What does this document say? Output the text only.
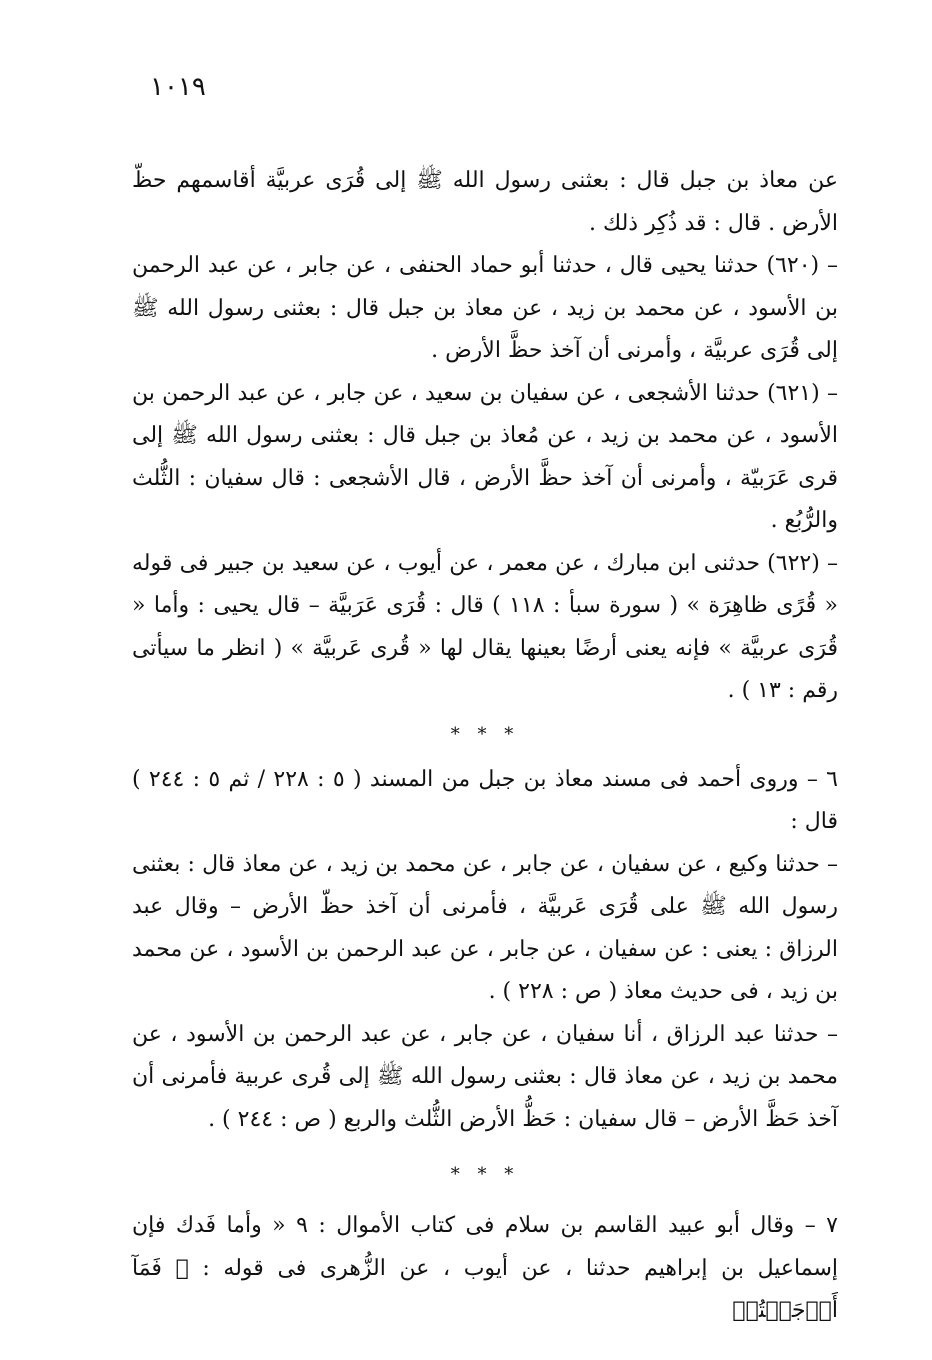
١٠١٩

عن معاذ بن جبل قال : بعثنى رسول الله ﷺ إلى قُرَى عربيَّة أقاسمهم حظّ الأرض . قال : قد ذُكِر ذلك .

– (٦٢٠) حدثنا يحيى قال ، حدثنا أبو حماد الحنفى ، عن جابر ، عن عبد الرحمن بن الأسود ، عن محمد بن زيد ، عن معاذ بن جبل قال : بعثنى رسول الله ﷺ إلى قُرَى عربيَّة ، وأمرنى أن آخذ حظَّ الأرض .

– (٦٢١) حدثنا الأشجعى ، عن سفيان بن سعيد ، عن جابر ، عن عبد الرحمن بن الأسود ، عن محمد بن زيد ، عن مُعاذ بن جبل قال : بعثنى رسول الله ﷺ إلى قرى عَرَبيّة ، وأمرنى أن آخذ حظَّ الأرض ، قال الأشجعى : قال سفيان : الثُّلث والرُّبُع .

– (٦٢٢) حدثنى ابن مبارك ، عن معمر ، عن أيوب ، عن سعيد بن جبير فى قوله « قُرًى ظاهِرَة » ( سورة سبأ : ١١٨ ) قال : قُرَى عَرَبيَّة – قال يحيى : وأما « قُرَى عربيَّة » فإنه يعنى أرضًا بعينها يقال لها « قُرى عَربيَّة » ( انظر ما سيأتى رقم : ١٣ ) .

* * *

٦ – وروى أحمد فى مسند معاذ بن جبل من المسند ( ٥ : ٢٢٨ / ثم ٥ : ٢٤٤ ) قال :

– حدثنا وكيع ، عن سفيان ، عن جابر ، عن محمد بن زيد ، عن معاذ قال : بعثنى رسول الله ﷺ على قُرَى عَربيَّة ، فأمرنى أن آخذ حظّ الأرض – وقال عبد الرزاق : يعنى : عن سفيان ، عن جابر ، عن عبد الرحمن بن الأسود ، عن محمد بن زيد ، فى حديث معاذ ( ص : ٢٢٨ ) .

– حدثنا عبد الرزاق ، أنا سفيان ، عن جابر ، عن عبد الرحمن بن الأسود ، عن محمد بن زيد ، عن معاذ قال : بعثنى رسول الله ﷺ إلى قُرى عربية فأمرنى أن آخذ حَظَّ الأرض – قال سفيان : حَظُّ الأرض الثُّلث والربع ( ص : ٢٤٤ ) .

* * *

٧ – وقال أبو عبيد القاسم بن سلام فى كتاب الأموال : ٩ « وأما فَدك فإن إسماعيل بن إبراهيم حدثنا ، عن أيوب ، عن الزُّهرى فى قوله : ﴿ فَمَآ أَوۡجَفۡتُمۡ
